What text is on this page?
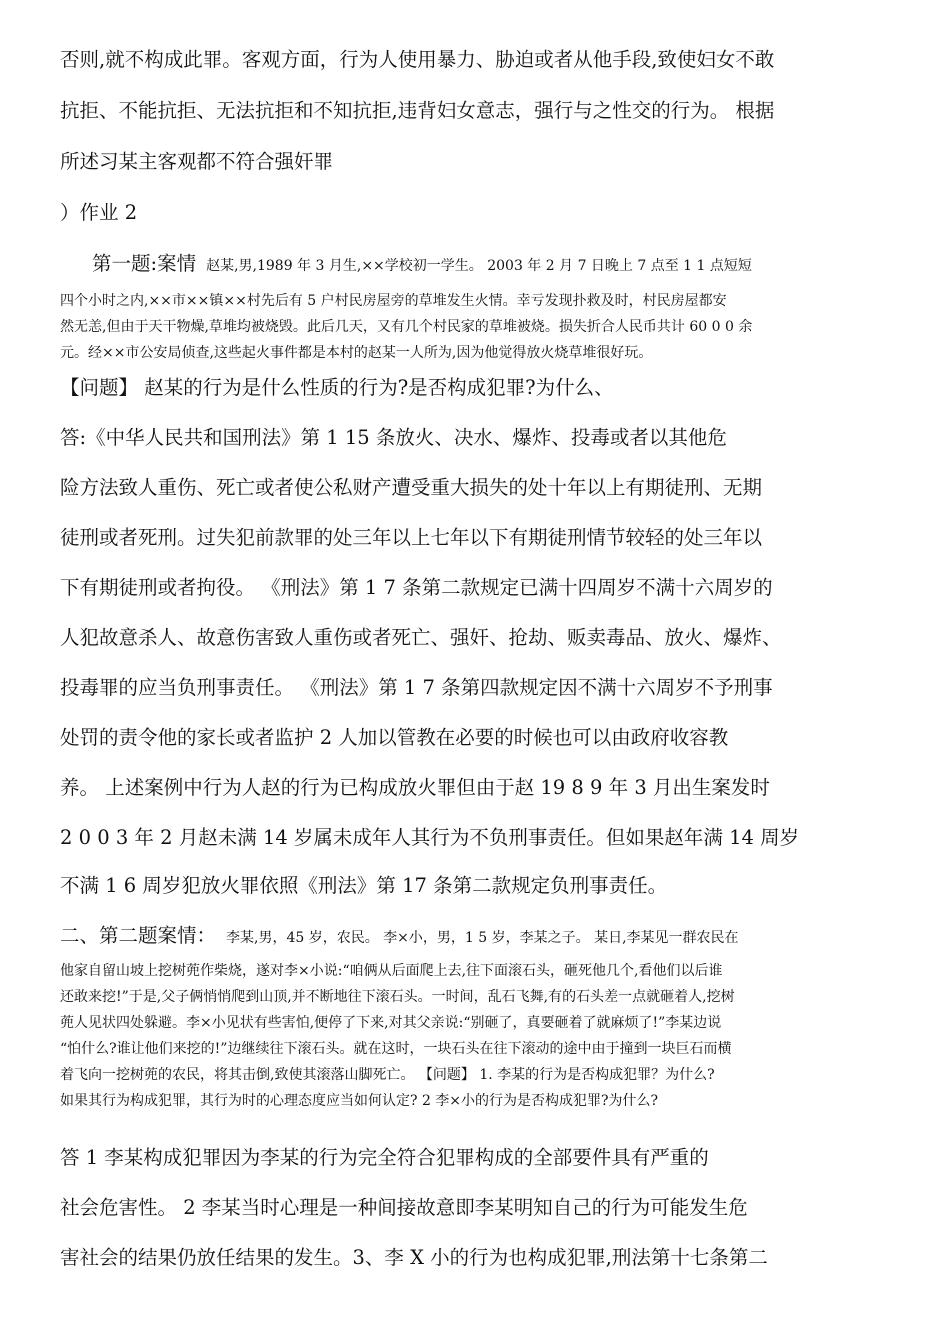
否则,就不构成此罪。客观方面，行为人使用暴力、胁迫或者从他手段,致使妇女不敢
抗拒、不能抗拒、无法抗拒和不知抗拒,违背妇女意志，强行与之性交的行为。 根据
所述习某主客观都不符合强奸罪
）作业 2
第一题:案情 赵某,男,1989 年 3 月生,××学校初一学生。 2003 年 2 月 7 日晚上 7 点至 1 1 点短短
四个小时之内,××市××镇××村先后有 5 户村民房屋旁的草堆发生火情。幸亏发现扑救及时，村民房屋都安
然无恙,但由于天干物燥,草堆均被烧毁。此后几天，又有几个村民家的草堆被烧。损失折合人民币共计 60 0 0 余
元。经××市公安局侦查,这些起火事件都是本村的赵某一人所为,因为他觉得放火烧草堆很好玩。
【问题】 赵某的行为是什么性质的行为?是否构成犯罪?为什么、
答:《中华人民共和国刑法》第 1 15 条放火、决水、爆炸、投毒或者以其他危
险方法致人重伤、死亡或者使公私财产遭受重大损失的处十年以上有期徒刑、无期
徒刑或者死刑。过失犯前款罪的处三年以上七年以下有期徒刑情节较轻的处三年以
下有期徒刑或者拘役。 《刑法》第 1 7 条第二款规定已满十四周岁不满十六周岁的
人犯故意杀人、故意伤害致人重伤或者死亡、强奸、抢劫、贩卖毒品、放火、爆炸、
投毒罪的应当负刑事责任。 《刑法》第 1 7 条第四款规定因不满十六周岁不予刑事
处罚的责令他的家长或者监护 2 人加以管教在必要的时候也可以由政府收容教
养。 上述案例中行为人赵的行为已构成放火罪但由于赵 19 8 9 年 3 月出生案发时
2 0 0 3 年 2 月赵未满 14 岁属未成年人其行为不负刑事责任。但如果赵年满 14 周岁
不满 1 6 周岁犯放火罪依照《刑法》第 17 条第二款规定负刑事责任。
二、第二题案情： 李某,男，45 岁，农民。 李×小，男，1 5 岁，李某之子。 某日,李某见一群农民在
他家自留山坡上挖树蔸作柴烧，遂对李×小说:“咱俩从后面爬上去,往下面滚石头，砸死他几个,看他们以后谁
还敢来挖!”于是,父子俩悄悄爬到山顶,并不断地往下滚石头。一时间，乱石飞舞,有的石头差一点就砸着人,挖树
蔸人见状四处躲避。李×小见状有些害怕,便停了下来,对其父亲说:“别砸了，真要砸着了就麻烦了!”李某边说
“怕什么?谁让他们来挖的!”边继续往下滚石头。就在这时，一块石头在往下滚动的途中由于撞到一块巨石而横
着飞向一挖树蔸的农民，将其击倒,致使其滚落山脚死亡。 【问题】 1. 李某的行为是否构成犯罪？为什么?
如果其行为构成犯罪，其行为时的心理态度应当如何认定? 2 李×小的行为是否构成犯罪?为什么?
答 1 李某构成犯罪因为李某的行为完全符合犯罪构成的全部要件具有严重的
社会危害性。 2 李某当时心理是一种间接故意即李某明知自己的行为可能发生危
害社会的结果仍放任结果的发生。3、李 X 小的行为也构成犯罪,刑法第十七条第二
